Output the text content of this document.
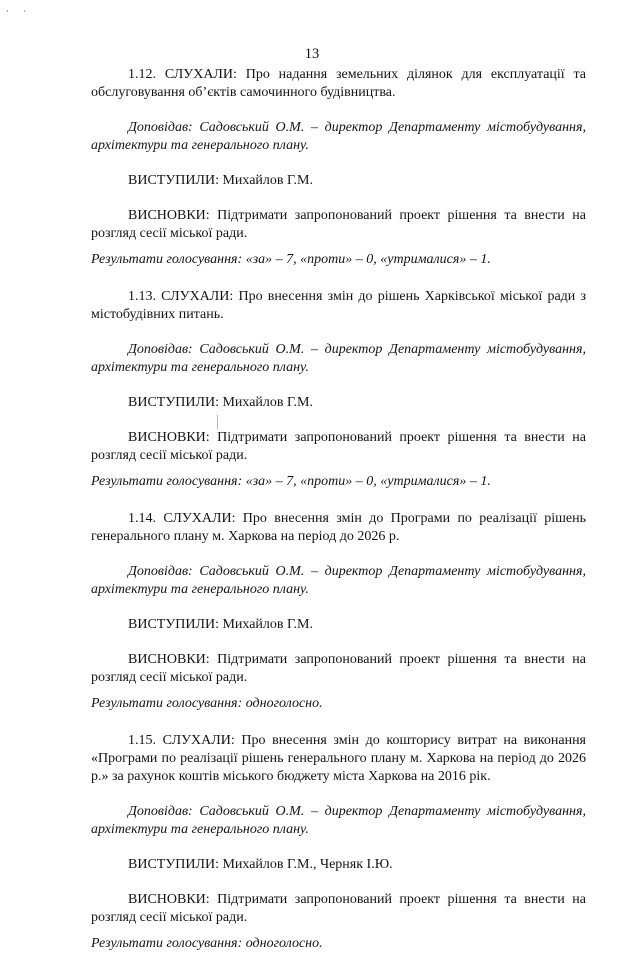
· ·
13

1.12. СЛУХАЛИ: Про надання земельних ділянок для експлуатації та обслуговування об’єктів самочинного будівництва.

Доповідав: Садовський О.М. – директор Департаменту містобудування, архітектури та генерального плану.

ВИСТУПИЛИ: Михайлов Г.М.

ВИСНОВКИ: Підтримати запропонований проект рішення та внести на розгляд сесії міської ради.

Результати голосування: «за» – 7, «проти» – 0, «утрималися» – 1.

1.13. СЛУХАЛИ: Про внесення змін до рішень Харківської міської ради з містобудівних питань.

Доповідав: Садовський О.М. – директор Департаменту містобудування, архітектури та генерального плану.

ВИСТУПИЛИ: Михайлов Г.М.

ВИСНОВКИ: Підтримати запропонований проект рішення та внести на розгляд сесії міської ради.

Результати голосування: «за» – 7, «проти» – 0, «утрималися» – 1.

1.14. СЛУХАЛИ: Про внесення змін до Програми по реалізації рішень генерального плану м. Харкова на період до 2026 р.

Доповідав: Садовський О.М. – директор Департаменту містобудування, архітектури та генерального плану.

ВИСТУПИЛИ: Михайлов Г.М.

ВИСНОВКИ: Підтримати запропонований проект рішення та внести на розгляд сесії міської ради.

Результати голосування: одноголосно.

1.15. СЛУХАЛИ: Про внесення змін до кошторису витрат на виконання «Програми по реалізації рішень генерального плану м. Харкова на період до 2026 р.» за рахунок коштів міського бюджету міста Харкова на 2016 рік.

Доповідав: Садовський О.М. – директор Департаменту містобудування, архітектури та генерального плану.

ВИСТУПИЛИ: Михайлов Г.М., Черняк І.Ю.

ВИСНОВКИ: Підтримати запропонований проект рішення та внести на розгляд сесії міської ради.

Результати голосування: одноголосно.
